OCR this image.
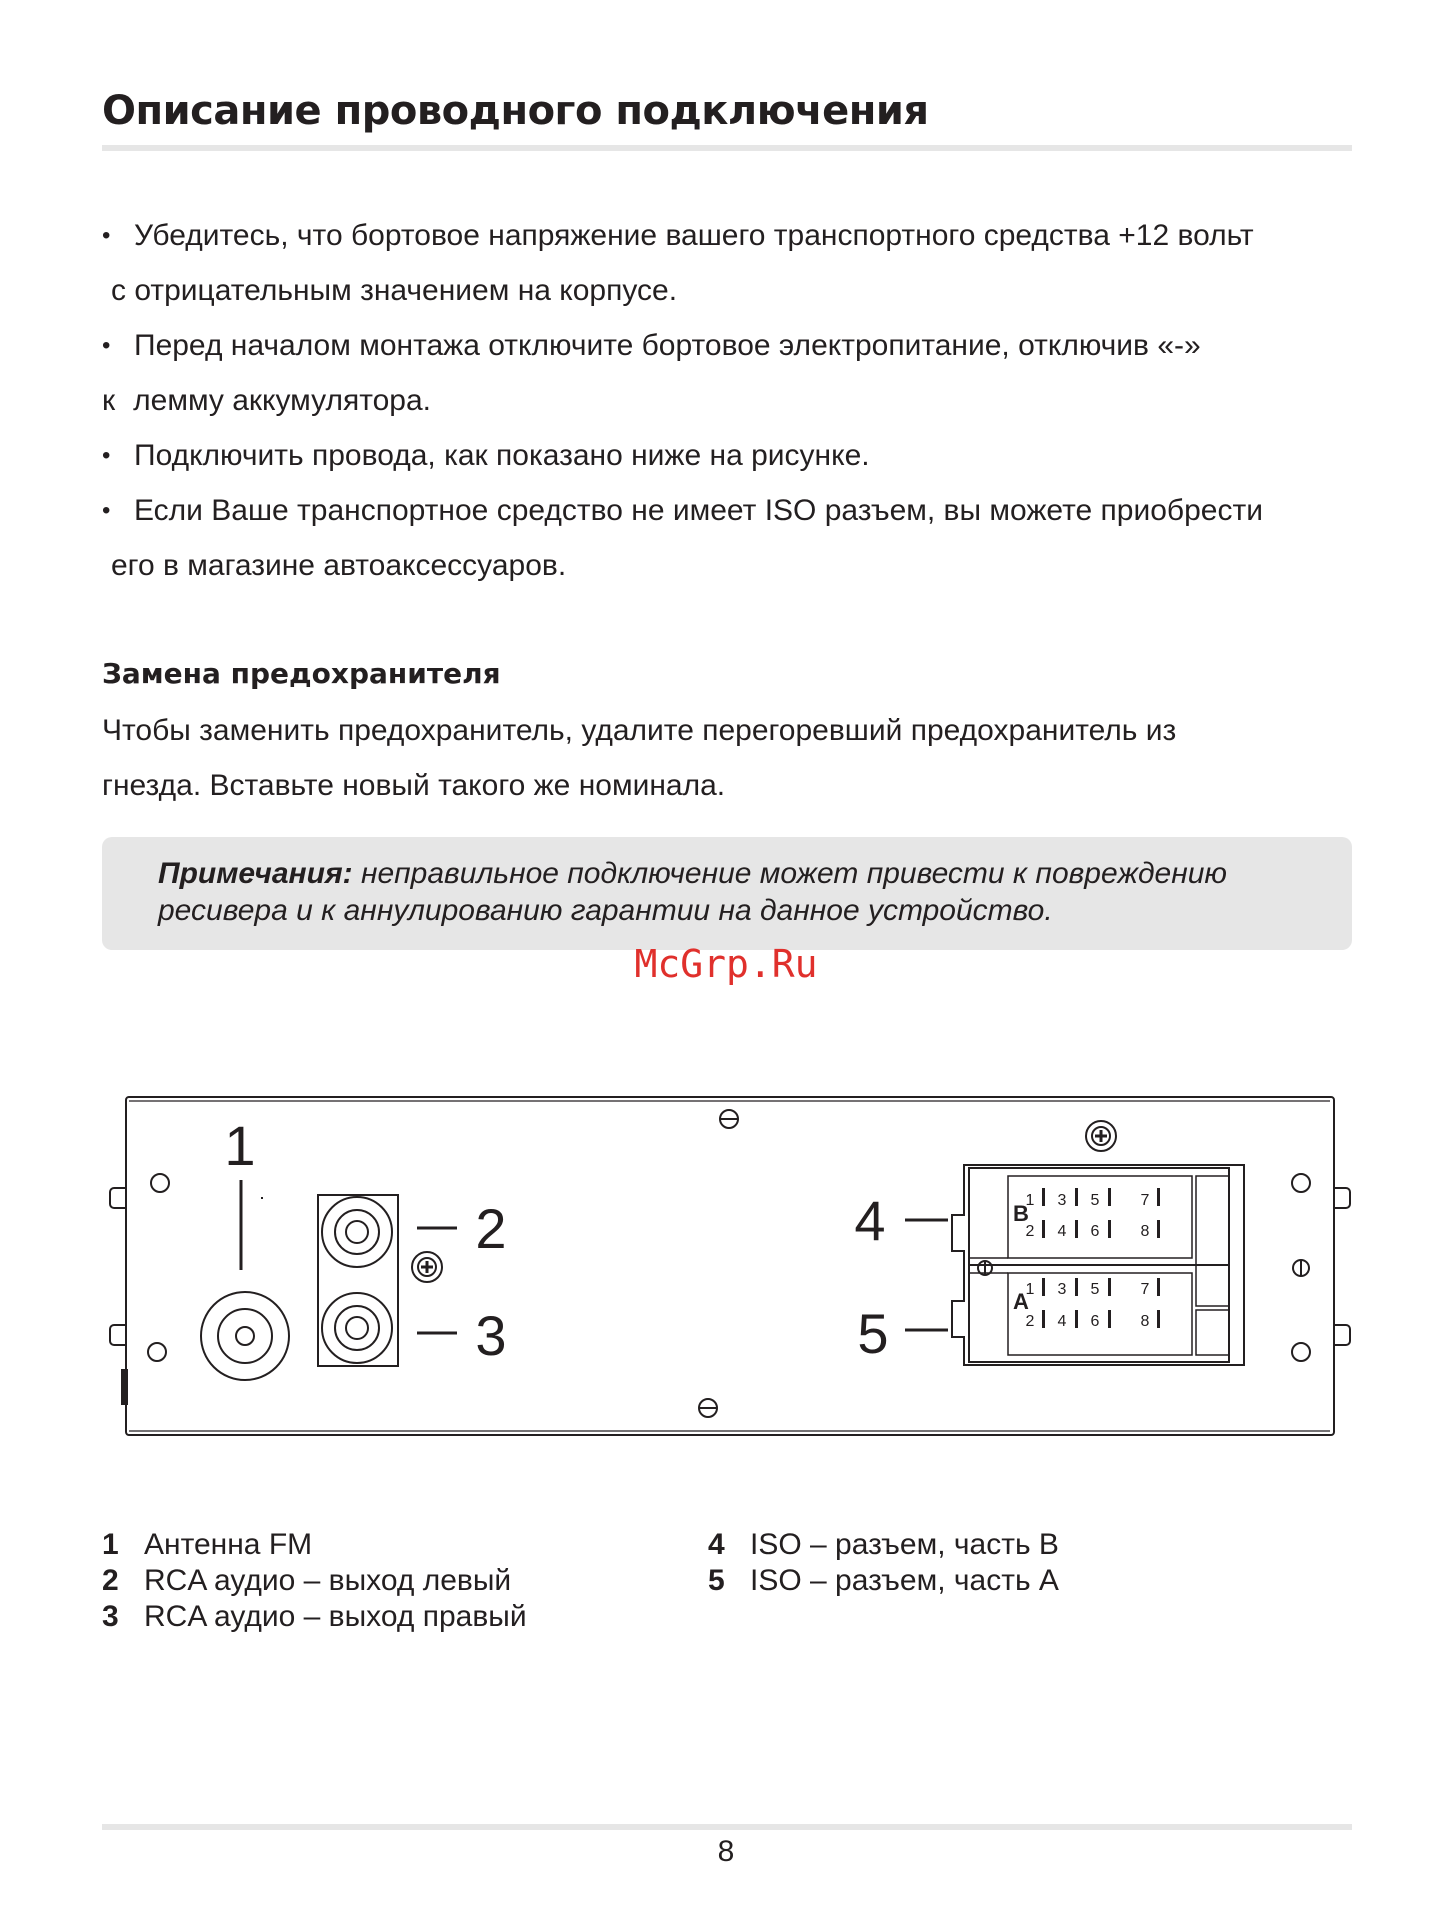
Описание проводного подключения
• Убедитесь, что бортовое напряжение вашего транспортного средства +12 вольт
с отрицательным значением на корпусе.
• Перед началом монтажа отключите бортовое электропитание, отключив «-»
к лемму аккумулятора.
• Подключить провода, как показано ниже на рисунке.
• Если Ваше транспортное средство не имеет ISO разъем, вы можете приобрести
его в магазине автоаксессуаров.
Замена предохранителя
Чтобы заменить предохранитель, удалите перегоревший предохранитель из
гнезда. Вставьте новый такого же номинала.
Примечания: неправильное подключение может привести к повреждению ресивера и к аннулированию гарантии на данное устройство.
McGrp.Ru
1 3 5	7
2 4 6	8
1 3 5	7
2 4 6	8
B
A
1
2
3
4
5
1 Антенна FM
2 RCA аудио – выход левый
3 RCA аудио – выход правый
4 ISO – разъем, часть B
5 ISO – разъем, часть A
8
